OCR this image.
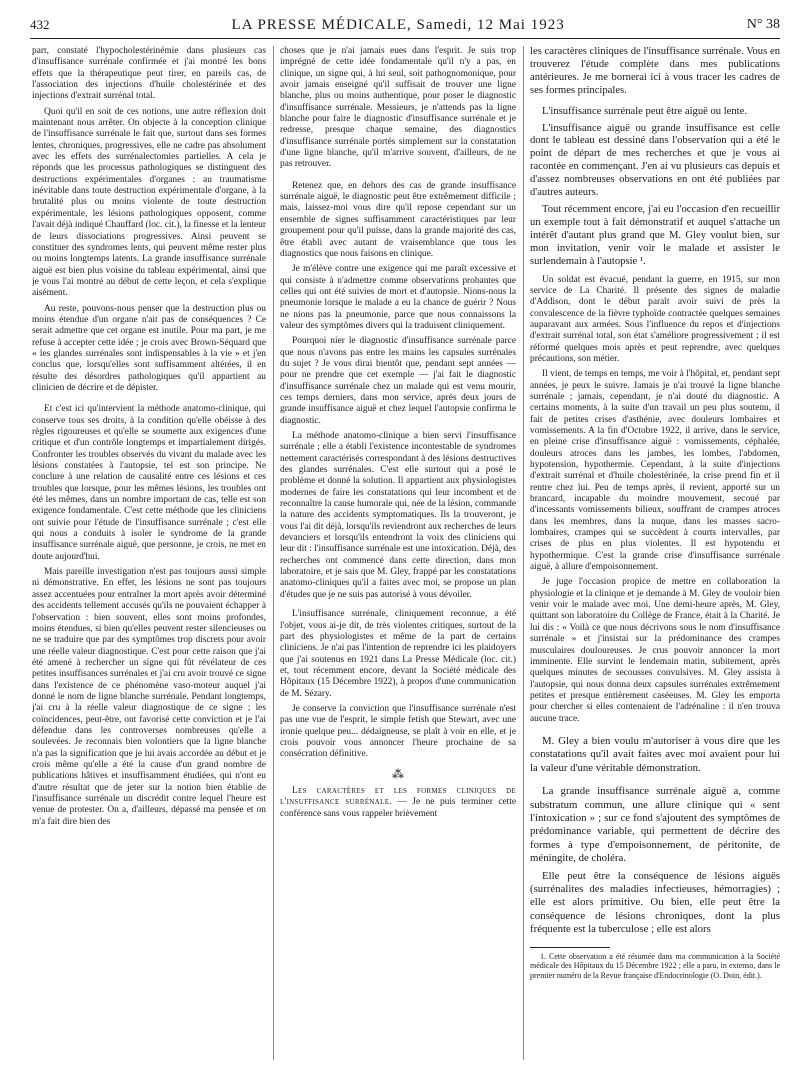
432	LA PRESSE MÉDICALE, Samedi, 12 Mai 1923	N° 38

part, constaté l'hypocholestérinémie dans plusieurs cas d'insuffisance surrénale confirmée et j'ai montré les bons effets que la thérapeutique peut tirer, en pareils cas, de l'association des injections d'huile cholestérinée et des injections d'extrait surrénal total.

Quoi qu'il en soit de ces notions, une autre réflexion doit maintenant nous arrêter. On objecte à la conception clinique de l'insuffisance surrénale le fait que, surtout dans ses formes lentes, chroniques, progressives, elle ne cadre pas absolument avec les effets des surrénalectomies partielles. A cela je réponds que les processus pathologiques se distinguent des destructions expérimentales d'organes : au traumatisme inévitable dans toute destruction expérimentale d'organe, à la brutalité plus ou moins violente de toute destruction expérimentale, les lésions pathologiques opposent, comme l'avait déjà indiqué Chauffard (loc. cit.), la finesse et la lenteur de leurs dissociations progressives. Ainsi peuvent se constituer des syndromes lents, qui peuvent même rester plus ou moins longtemps latents. La grande insuffisance surrénale aiguë est bien plus voisine du tableau expérimental, ainsi que je vous l'ai montré au début de cette leçon, et cela s'explique aisément.

Au reste, pouvons-nous penser que la destruction plus ou moins étendue d'un organe n'ait pas de conséquences ? Ce serait admettre que cet organe est inutile. Pour ma part, je me refuse à accepter cette idée ; je crois avec Brown-Séquard que « les glandes surrénales sont indispensables à la vie » et j'en conclus que, lorsqu'elles sont suffisamment altérées, il en résulte des désordres pathologiques qu'il appartient au clinicien de décrire et de dépister.

Et c'est ici qu'intervient la méthode anatomo-clinique, qui conserve tous ses droits, à la condition qu'elle obéisse à des règles rigoureuses et qu'elle se soumette aux exigences d'une critique et d'un contrôle longtemps et impartialement dirigés. Confronter les troubles observés du vivant du malade avec les lésions constatées à l'autopsie, tel est son principe. Ne conclure à une relation de causalité entre ces lésions et ces troubles que lorsque, pour les mêmes lésions, les troubles ont été les mêmes, dans un nombre important de cas, telle est son exigence fondamentale. C'est cette méthode que les cliniciens ont suivie pour l'étude de l'insuffisance surrénale ; c'est elle qui nous a conduits à isoler le syndrome de la grande insuffisance surrénale aiguë, que personne, je crois, ne met en doute aujourd'hui.

Mais pareille investigation n'est pas toujours aussi simple ni démonstrative. En effet, les lésions ne sont pas toujours assez accentuées pour entraîner la mort après avoir déterminé des accidents tellement accusés qu'ils ne pouvaient échapper à l'observation : bien souvent, elles sont moins profondes, moins étendues, si bien qu'elles peuvent rester silencieuses ou ne se traduire que par des symptômes trop discrets pour avoir une réelle valeur diagnostique. C'est pour cette raison que j'ai été amené à rechercher un signe qui fût révélateur de ces petites insuffisances surrénales et j'ai cru avoir trouvé ce signe dans l'existence de ce phénomène vaso-moteur auquel j'ai donné le nom de ligne blanche surrénale. Pendant longtemps, j'ai cru à la réelle valeur diagnostique de ce signe ; les coïncidences, peut-être, ont favorisé cette conviction et je l'ai défendue dans les controverses nombreuses qu'elle a soulevées. Je reconnais bien volontiers que la ligne blanche n'a pas la signification que je lui avais accordée au début et je crois même qu'elle a été la cause d'un grand nombre de publications hâtives et insuffisamment étudiées, qui n'ont eu d'autre résultat que de jeter sur la notion bien établie de l'insuffisance surrénale un discrédit contre lequel l'heure est venue de protester. On a, d'ailleurs, dépassé ma pensée et on m'a fait dire bien des

choses que je n'ai jamais eues dans l'esprit. Je suis trop imprégné de cette idée fondamentale qu'il n'y a pas, en clinique, un signe qui, à lui seul, soit pathognomonique, pour avoir jamais enseigné qu'il suffisait de trouver une ligne blanche, plus ou moins authentique, pour poser le diagnostic d'insuffisance surrénale. Messieurs, je n'attends pas la ligne blanche pour faire le diagnostic d'insuffisance surrénale et je redresse, presque chaque semaine, des diagnostics d'insuffisance surrénale portés simplement sur la constatation d'une ligne blanche, qu'il m'arrive souvent, d'ailleurs, de ne pas retrouver.

Retenez que, en dehors des cas de grande insuffisance surrénale aiguë, le diagnostic peut être extrêmement difficile ; mais, laissez-moi vous dire qu'il repose cependant sur un ensemble de signes suffisamment caractéristiques par leur groupement pour qu'il puisse, dans la grande majorité des cas, être établi avec autant de vraisemblance que tous les diagnostics que nous faisons en clinique.

Je m'élève contre une exigence qui me paraît excessive et qui consiste à n'admettre comme observations probantes que celles qui ont été suivies de mort et d'autopsie. Nions-nous la pneumonie lorsque le malade a eu la chance de guérir ? Nous ne nions pas la pneumonie, parce que nous connaissons la valeur des symptômes divers qui la traduisent cliniquement.

Pourquoi nier le diagnostic d'insuffisance surrénale parce que nous n'avons pas entre les mains les capsules surrénales du sujet ? Je vous dirai bientôt que, pendant sept années — pour ne prendre que cet exemple — j'ai fait le diagnostic d'insuffisance surrénale chez un malade qui est venu mourir, ces temps derniers, dans mon service, après deux jours de grande insuffisance aiguë et chez lequel l'autopsie confirma le diagnostic.

La méthode anatomo-clinique a bien servi l'insuffisance surrénale ; elle a établi l'existence incontestable de syndromes nettement caractérisés correspondant à des lésions destructives des glandes surrénales. C'est elle surtout qui a posé le problème et donné la solution. Il appartient aux physiologistes modernes de faire les constatations qui leur incombent et de reconnaître la cause humorale qui, née de la lésion, commande la nature des accidents symptomatiques. Ils la trouveront, je vous l'ai dit déjà, lorsqu'ils reviendront aux recherches de leurs devanciers et lorsqu'ils entendront la voix des cliniciens qui leur dit : l'insuffisance surrénale est une intoxication. Déjà, des recherches ont commencé dans cette direction, dans mon laboratoire, et je sais que M. Gley, frappé par les constatations anatomo-cliniques qu'il a faites avec moi, se propose un plan d'études que je ne suis pas autorisé à vous dévoiler.

L'insuffisance surrénale, cliniquement reconnue, a été l'objet, vous ai-je dit, de très violentes critiques, surtout de la part des physiologistes et même de la part de certains cliniciens. Je n'ai pas l'intention de reprendre ici les plaidoyers que j'ai soutenus en 1921 dans La Presse Médicale (loc. cit.) et, tout récemment encore, devant la Société médicale des Hôpitaux (15 Décembre 1922), à propos d'une communication de M. Sézary.

Je conserve la conviction que l'insuffisance surrénale n'est pas une vue de l'esprit, le simple fetish que Stewart, avec une ironie quelque peu... dédaigneuse, se plaît à voir en elle, et je crois pouvoir vous annoncer l'heure prochaine de sa consécration définitive.

⁂

Les caractères et les formes cliniques de l'insuffisance surrénale. — Je ne puis terminer cette conférence sans vous rappeler brièvement

les caractères cliniques de l'insuffisance surrénale. Vous en trouverez l'étude complète dans mes publications antérieures. Je me bornerai ici à vous tracer les cadres de ses formes principales.

L'insuffisance surrénale peut être aiguë ou lente.

L'insuffisance aiguë ou grande insuffisance est celle dont le tableau est dessiné dans l'observation qui a été le point de départ de mes recherches et que je vous ai racontée en commençant. J'en ai vu plusieurs cas depuis et d'assez nombreuses observations en ont été publiées par d'autres auteurs.

Tout récemment encore, j'ai eu l'occasion d'en recueillir un exemple tout à fait démonstratif et auquel s'attache un intérêt d'autant plus grand que M. Gley voulut bien, sur mon invitation, venir voir le malade et assister le surlendemain à l'autopsie ¹.

Un soldat est évacué, pendant la guerre, en 1915, sur mon service de La Charité. Il présente des signes de maladie d'Addison, dont le début paraît avoir suivi de près la convalescence de la fièvre typhoïde contractée quelques semaines auparavant aux armées. Sous l'influence du repos et d'injections d'extrait surrénal total, son état s'améliore progressivement ; il est réformé quelques mois après et peut reprendre, avec quelques précautions, son métier.

Il vient, de temps en temps, me voir à l'hôpital, et, pendant sept années, je peux le suivre. Jamais je n'ai trouvé la ligne blanche surrénale ; jamais, cependant, je n'ai douté du diagnostic. A certains moments, à la suite d'un travail un peu plus soutenu, il fait de petites crises d'asthénie, avec douleurs lombaires et vomissements. A la fin d'Octobre 1922, il arrive, dans le service, en pleine crise d'insuffisance aiguë : vomissements, céphalée, douleurs atroces dans les jambes, les lombes, l'abdomen, hypotension, hypothermie. Cependant, à la suite d'injections d'extrait surrénal et d'huile cholestérinée, la crise prend fin et il rentre chez lui. Peu de temps après, il revient, apporté sur un brancard, incapable du moindre mouvement, secoué par d'incessants vomissements bilieux, souffrant de crampes atroces dans les membres, dans la nuque, dans les masses sacro-lombaires, crampes qui se succèdent à courts intervalles, par crises de plus en plus violentes. Il est hypotendu et hypothermique. C'est la grande crise d'insuffisance surrénale aiguë, à allure d'empoisonnement.

Je juge l'occasion propice de mettre en collaboration la physiologie et la clinique et je demande à M. Gley de vouloir bien venir voir le malade avec moi. Une demi-heure après, M. Gley, quittant son laboratoire du Collège de France, était à la Charité. Je lui dis : « Voilà ce que nous décrivons sous le nom d'insuffisance surrénale » et j'insistai sur la prédominance des crampes musculaires douloureuses. Je crus pouvoir annoncer la mort imminente. Elle survint le lendemain matin, subitement, après quelques minutes de secousses convulsives. M. Gley assista à l'autopsie, qui nous donna deux capsules surrénales extrêmement petites et presque entièrement caséeuses. M. Gley les emporta pour chercher si elles contenaient de l'adrénaline : il n'en trouva aucune trace.

M. Gley a bien voulu m'autoriser à vous dire que les constatations qu'il avait faites avec moi avaient pour lui la valeur d'une véritable démonstration.

La grande insuffisance surrénale aiguë a, comme substratum commun, une allure clinique qui « sent l'intoxication » ; sur ce fond s'ajoutent des symptômes de prédominance variable, qui permettent de décrire des formes à type d'empoisonnement, de péritonite, de méningite, de choléra.

Elle peut être la conséquence de lésions aiguës (surrénalites des maladies infectieuses, hémorragies) ; elle est alors primitive. Ou bien, elle peut être la conséquence de lésions chroniques, dont la plus fréquente est la tuberculose ; elle est alors

1. Cette observation a été résumée dans ma communication à la Société médicale des Hôpitaux du 15 Décembre 1922 ; elle a paru, in extenso, dans le premier numéro de la Revue française d'Endocrinologie (O. Doin, édit.).
